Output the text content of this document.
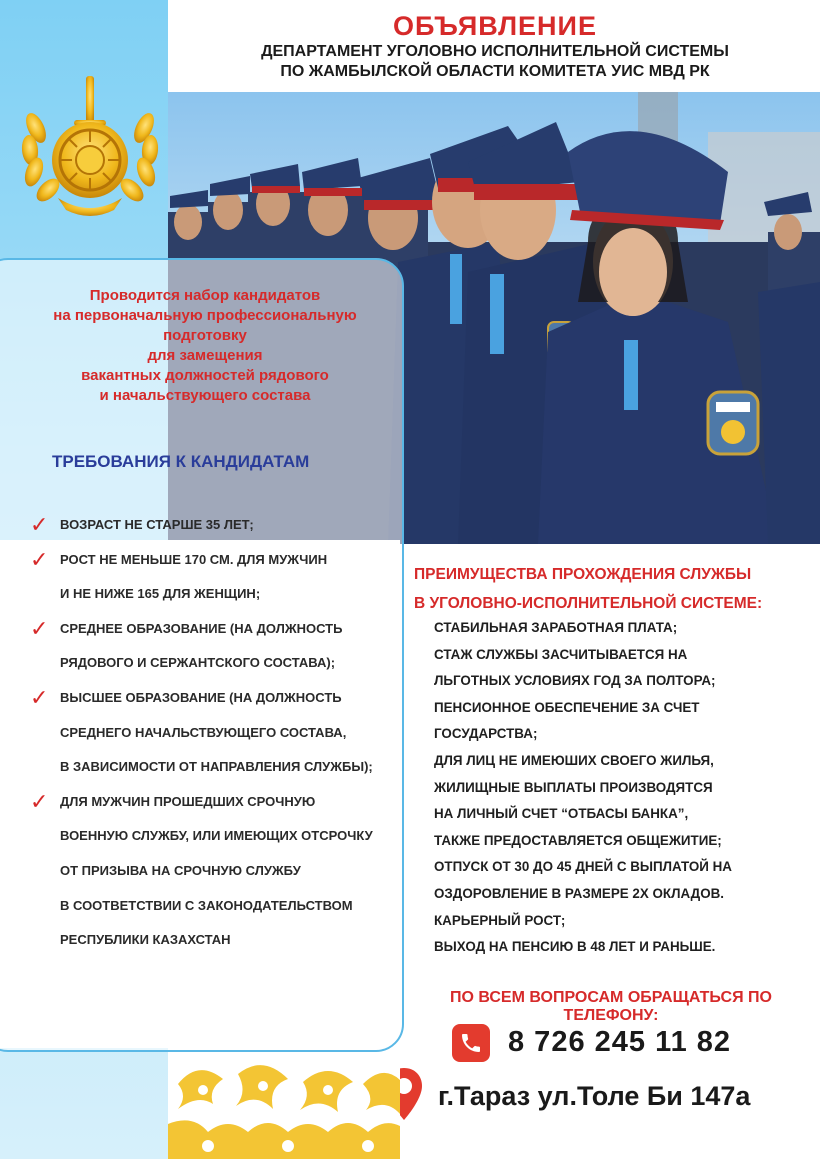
ОБЪЯВЛЕНИЕ
ДЕПАРТАМЕНТ УГОЛОВНО ИСПОЛНИТЕЛЬНОЙ СИСТЕМЫ
ПО ЖАМБЫЛСКОЙ ОБЛАСТИ КОМИТЕТА УИС МВД РК
Проводится набор кандидатов
на первоначальную профессиональную
подготовку
для замещения
вакантных должностей рядового
и начальствующего состава
ТРЕБОВАНИЯ К КАНДИДАТАМ
✓ ВОЗРАСТ НЕ СТАРШЕ 35 ЛЕТ;
✓ РОСТ НЕ МЕНЬШЕ 170 СМ. ДЛЯ МУЖЧИН
И НЕ НИЖЕ 165 ДЛЯ ЖЕНЩИН;
✓ СРЕДНЕЕ ОБРАЗОВАНИЕ (НА ДОЛЖНОСТЬ
РЯДОВОГО И СЕРЖАНТСКОГО СОСТАВА);
✓ ВЫСШЕЕ ОБРАЗОВАНИЕ (НА ДОЛЖНОСТЬ
СРЕДНЕГО НАЧАЛЬСТВУЮЩЕГО СОСТАВА,
В ЗАВИСИМОСТИ ОТ НАПРАВЛЕНИЯ СЛУЖБЫ);
✓ ДЛЯ МУЖЧИН ПРОШЕДШИХ СРОЧНУЮ
ВОЕННУЮ СЛУЖБУ, ИЛИ ИМЕЮЩИХ ОТСРОЧКУ
ОТ ПРИЗЫВА НА СРОЧНУЮ СЛУЖБУ
В СООТВЕТСТВИИ С ЗАКОНОДАТЕЛЬСТВОМ
РЕСПУБЛИКИ КАЗАХСТАН
ПРЕИМУЩЕСТВА ПРОХОЖДЕНИЯ СЛУЖБЫ
В УГОЛОВНО-ИСПОЛНИТЕЛЬНОЙ СИСТЕМЕ:
СТАБИЛЬНАЯ ЗАРАБОТНАЯ ПЛАТА;
СТАЖ СЛУЖБЫ ЗАСЧИТЫВАЕТСЯ НА
ЛЬГОТНЫХ УСЛОВИЯХ ГОД ЗА ПОЛТОРА;
ПЕНСИОННОЕ ОБЕСПЕЧЕНИЕ ЗА СЧЕТ
ГОСУДАРСТВА;
ДЛЯ ЛИЦ НЕ ИМЕЮШИХ СВОЕГО ЖИЛЬЯ,
ЖИЛИЩНЫЕ ВЫПЛАТЫ ПРОИЗВОДЯТСЯ
НА ЛИЧНЫЙ СЧЕТ “ОТБАСЫ БАНКА”,
ТАКЖЕ ПРЕДОСТАВЛЯЕТСЯ ОБЩЕЖИТИЕ;
ОТПУСК ОТ 30 ДО 45 ДНЕЙ С ВЫПЛАТОЙ НА
ОЗДОРОВЛЕНИЕ В РАЗМЕРЕ 2Х ОКЛАДОВ.
КАРЬЕРНЫЙ РОСТ;
ВЫХОД НА ПЕНСИЮ В 48 ЛЕТ И РАНЬШЕ.
ПО ВСЕМ ВОПРОСАМ ОБРАЩАТЬСЯ ПО ТЕЛЕФОНУ:
8 726 245 11 82
г.Тараз ул.Толе Би 147а
